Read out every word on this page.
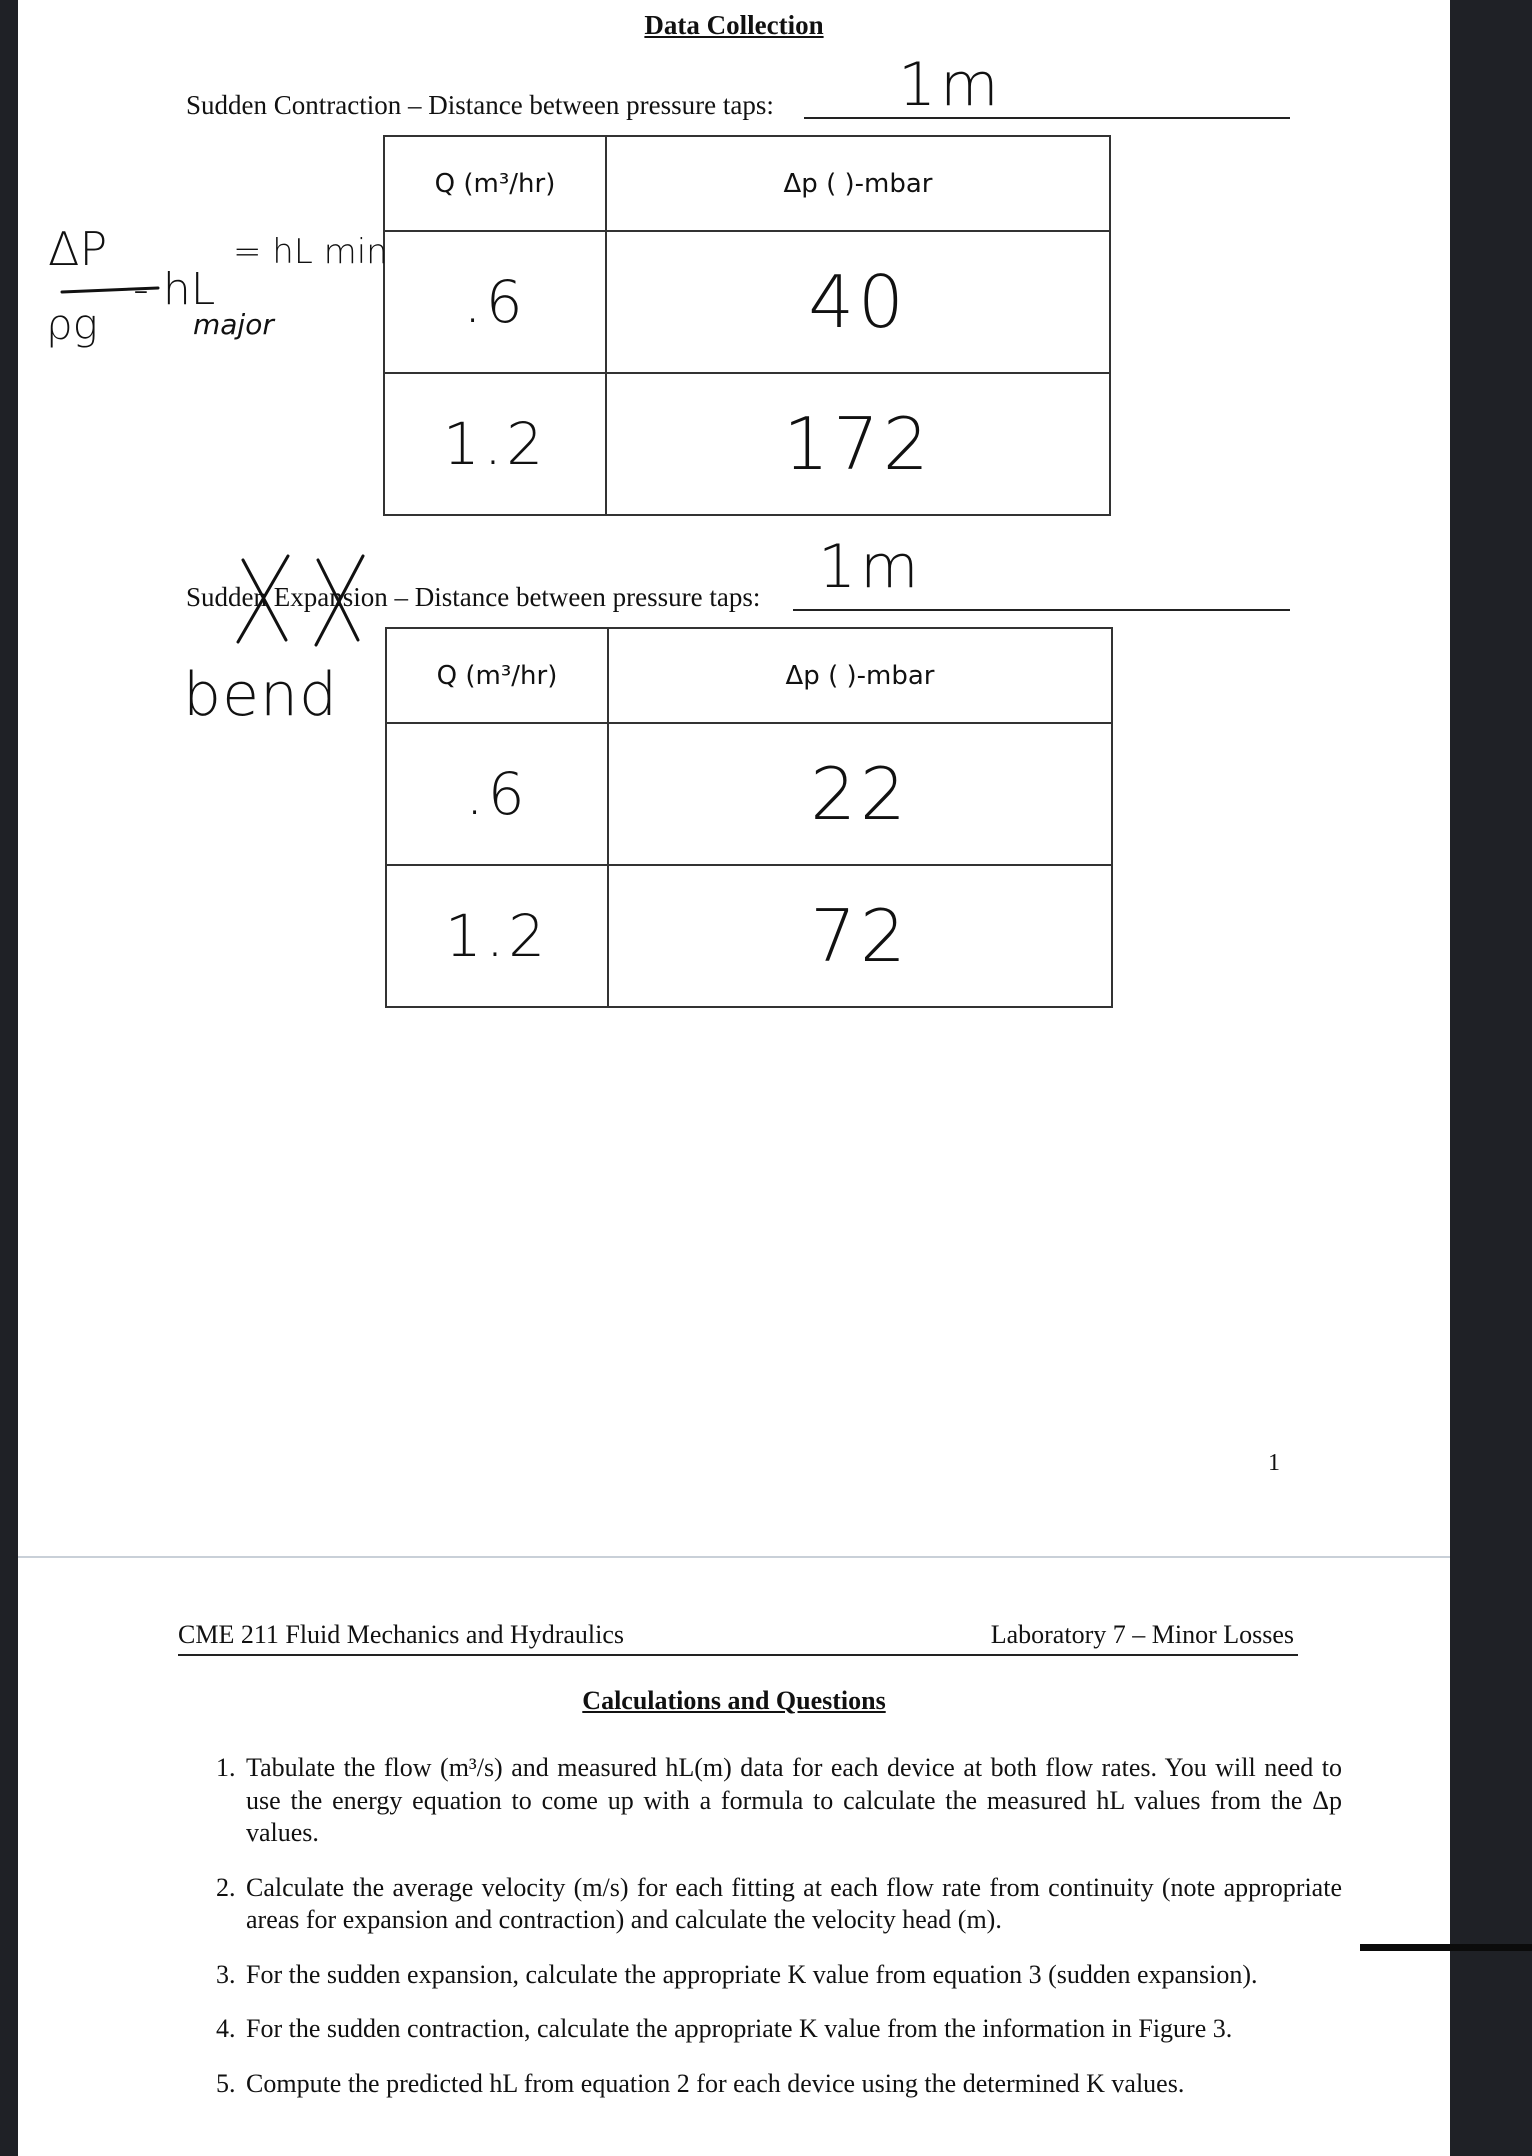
Data Collection
Sudden Contraction – Distance between pressure taps: 1m
Q (m³/hr)	Δp ( )-mbar
.6	40
1.2	172
Sudden Expansion – Distance between pressure taps: 1m
Q (m³/hr)	Δp ( )-mbar
.6	22
1.2	72
ΔP
ρg
- hL
= hL min
major
bend
1
CME 211 Fluid Mechanics and Hydraulics	Laboratory 7 – Minor Losses
Calculations and Questions
1. Tabulate the flow (m³/s) and measured hL(m) data for each device at both flow rates. You will need to use the energy equation to come up with a formula to calculate the measured hL values from the Δp values.
2. Calculate the average velocity (m/s) for each fitting at each flow rate from continuity (note appropriate areas for expansion and contraction) and calculate the velocity head (m).
3. For the sudden expansion, calculate the appropriate K value from equation 3 (sudden expansion).
4. For the sudden contraction, calculate the appropriate K value from the information in Figure 3.
5. Compute the predicted hL from equation 2 for each device using the determined K values.
